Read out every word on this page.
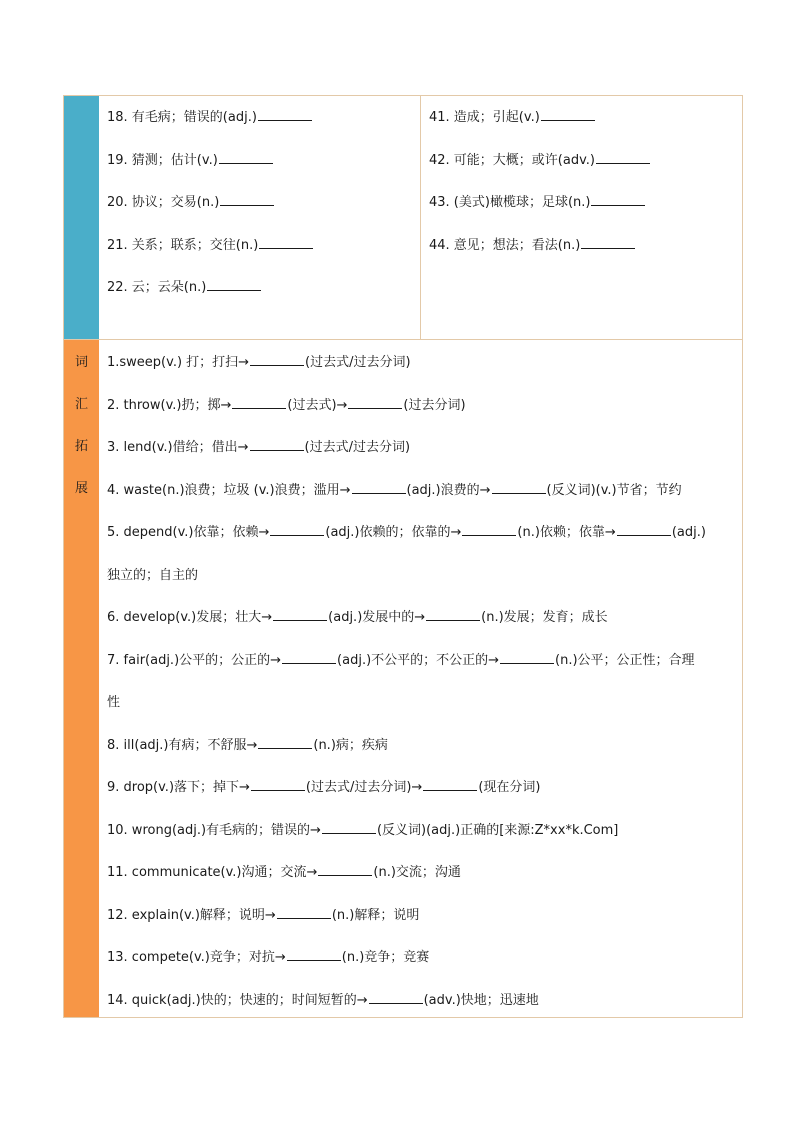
18. 有毛病；错误的(adj.)
19. 猜测；估计(v.)
20. 协议；交易(n.)
21. 关系；联系；交往(n.)
22. 云；云朵(n.)
41. 造成；引起(v.)
42. 可能；大概；或许(adv.)
43. (美式)橄榄球；足球(n.)
44. 意见；想法；看法(n.)
词
汇
拓
展
1.sweep(v.) 打；打扫→	(过去式/过去分词)
2. throw(v.)扔；掷→	(过去式)→	(过去分词)
3. lend(v.)借给；借出→	(过去式/过去分词)
4. waste(n.)浪费；垃圾 (v.)浪费；滥用→	(adj.)浪费的→	(反义词)(v.)节省；节约
5. depend(v.)依靠；依赖→	(adj.)依赖的；依靠的→	(n.)依赖；依靠→	(adj.)
独立的；自主的
6. develop(v.)发展；壮大→	(adj.)发展中的→	(n.)发展；发育；成长
7. fair(adj.)公平的；公正的→	(adj.)不公平的；不公正的→	(n.)公平；公正性；合理
性
8. ill(adj.)有病；不舒服→	(n.)病；疾病
9. drop(v.)落下；掉下→	(过去式/过去分词)→	(现在分词)
10. wrong(adj.)有毛病的；错误的→	(反义词)(adj.)正确的[来源:Z*xx*k.Com]
11. communicate(v.)沟通；交流→	(n.)交流；沟通
12. explain(v.)解释；说明→	(n.)解释；说明
13. compete(v.)竞争；对抗→	(n.)竞争；竞赛
14. quick(adj.)快的；快速的；时间短暂的→	(adv.)快地；迅速地
